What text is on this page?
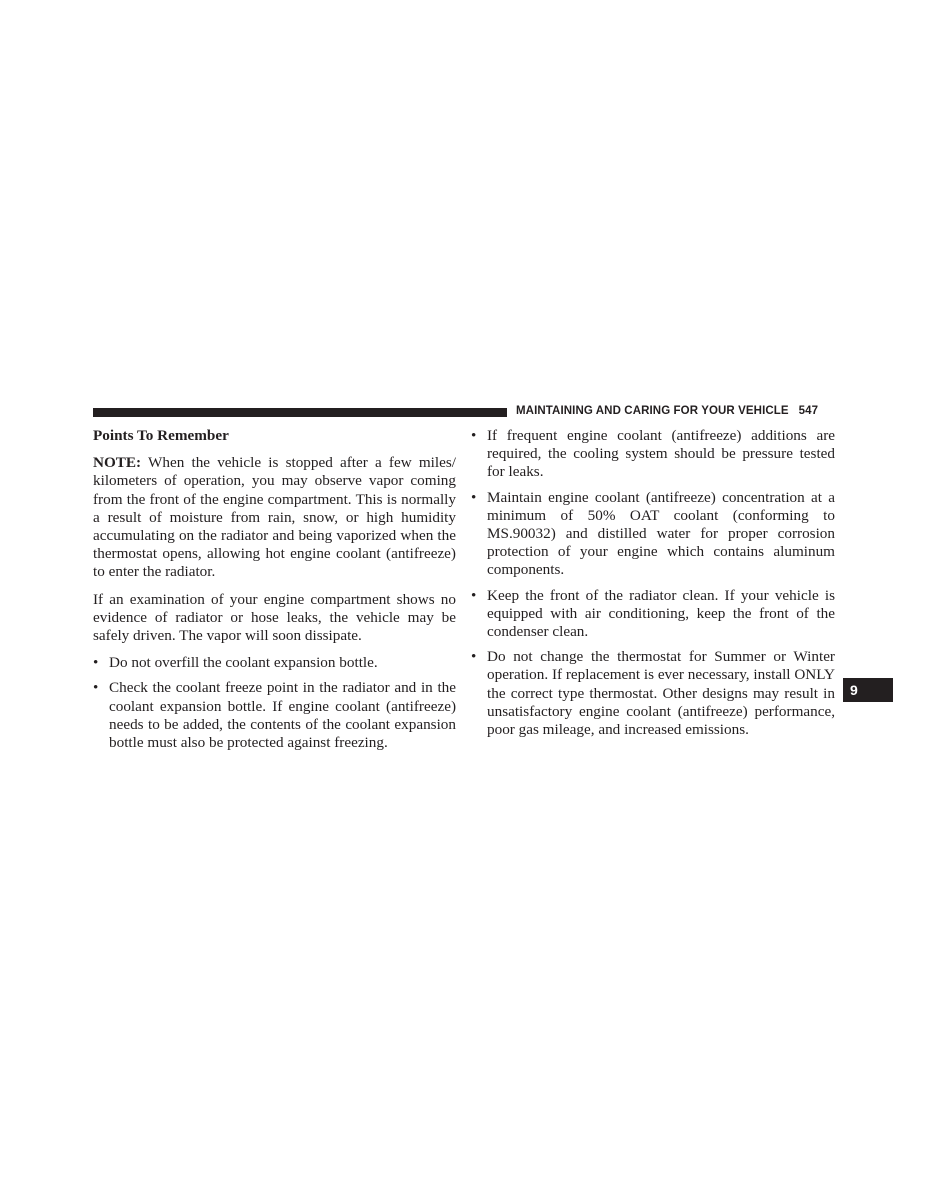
MAINTAINING AND CARING FOR YOUR VEHICLE 547
Points To Remember

NOTE: When the vehicle is stopped after a few miles/ kilometers of operation, you may observe vapor coming from the front of the engine compartment. This is normally a result of moisture from rain, snow, or high humidity accumulating on the radiator and being vaporized when the thermostat opens, allowing hot engine coolant (antifreeze) to enter the radiator.

If an examination of your engine compartment shows no evidence of radiator or hose leaks, the vehicle may be safely driven. The vapor will soon dissipate.

• Do not overfill the coolant expansion bottle.
• Check the coolant freeze point in the radiator and in the coolant expansion bottle. If engine coolant (antifreeze) needs to be added, the contents of the coolant expansion bottle must also be protected against freezing.
• If frequent engine coolant (antifreeze) additions are required, the cooling system should be pressure tested for leaks.
• Maintain engine coolant (antifreeze) concentration at a minimum of 50% OAT coolant (conforming to MS.90032) and distilled water for proper corrosion protection of your engine which contains aluminum components.
• Keep the front of the radiator clean. If your vehicle is equipped with air conditioning, keep the front of the condenser clean.
• Do not change the thermostat for Summer or Winter operation. If replacement is ever necessary, install ONLY the correct type thermostat. Other designs may result in unsatisfactory engine coolant (antifreeze) performance, poor gas mileage, and increased emissions.
9
